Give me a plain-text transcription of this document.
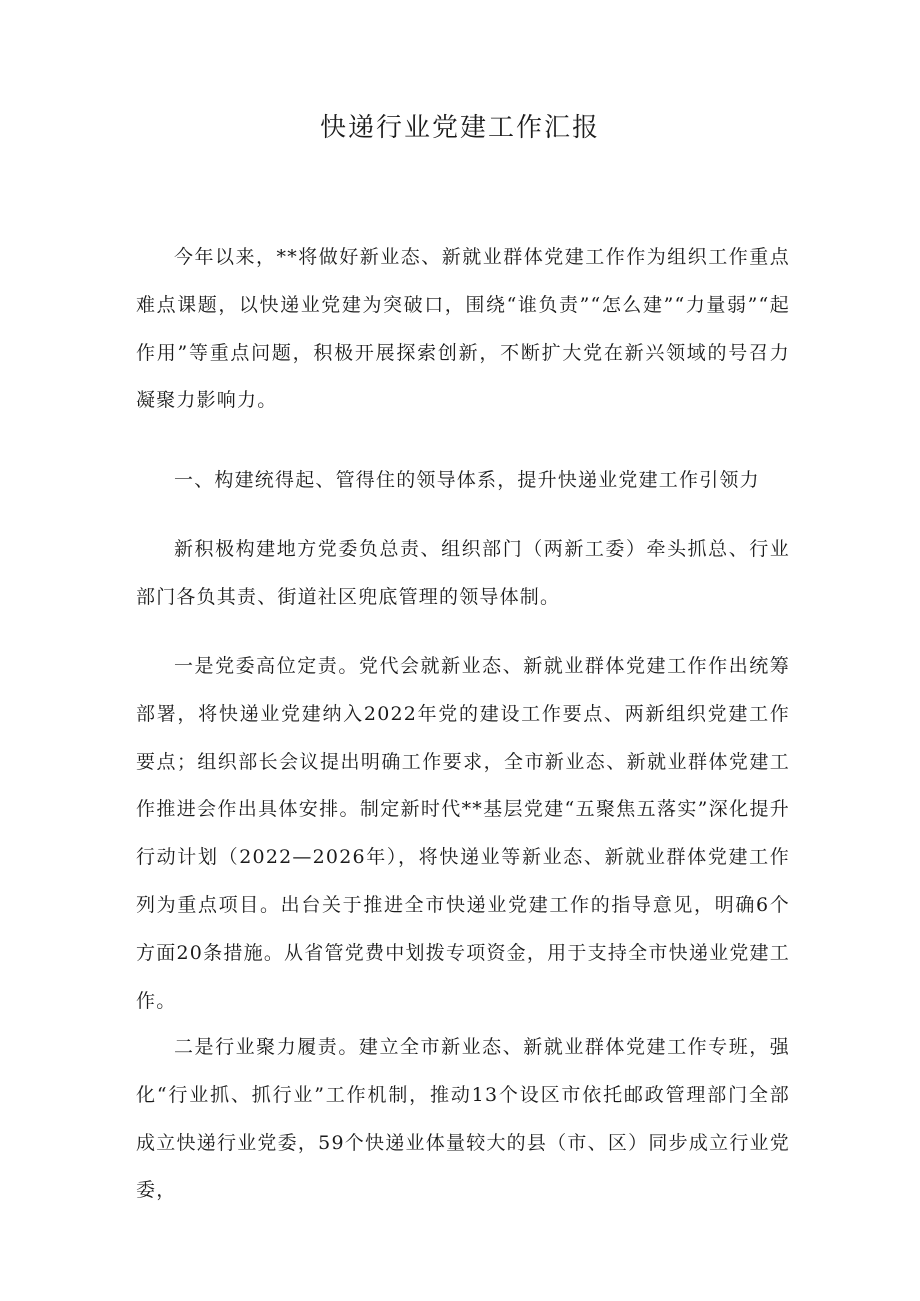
快递行业党建工作汇报

今年以来，**将做好新业态、新就业群体党建工作作为组织工作重点难点课题，以快递业党建为突破口，围绕“谁负责”“怎么建”“力量弱”“起作用”等重点问题，积极开展探索创新，不断扩大党在新兴领域的号召力凝聚力影响力。

一、构建统得起、管得住的领导体系，提升快递业党建工作引领力

新积极构建地方党委负总责、组织部门（两新工委）牵头抓总、行业部门各负其责、街道社区兜底管理的领导体制。

一是党委高位定责。党代会就新业态、新就业群体党建工作作出统筹部署，将快递业党建纳入2022年党的建设工作要点、两新组织党建工作要点；组织部长会议提出明确工作要求，全市新业态、新就业群体党建工作推进会作出具体安排。制定新时代**基层党建“五聚焦五落实”深化提升行动计划（2022—2026年），将快递业等新业态、新就业群体党建工作列为重点项目。出台关于推进全市快递业党建工作的指导意见，明确6个方面20条措施。从省管党费中划拨专项资金，用于支持全市快递业党建工作。

二是行业聚力履责。建立全市新业态、新就业群体党建工作专班，强化“行业抓、抓行业”工作机制，推动13个设区市依托邮政管理部门全部成立快递行业党委，59个快递业体量较大的县（市、区）同步成立行业党委，
